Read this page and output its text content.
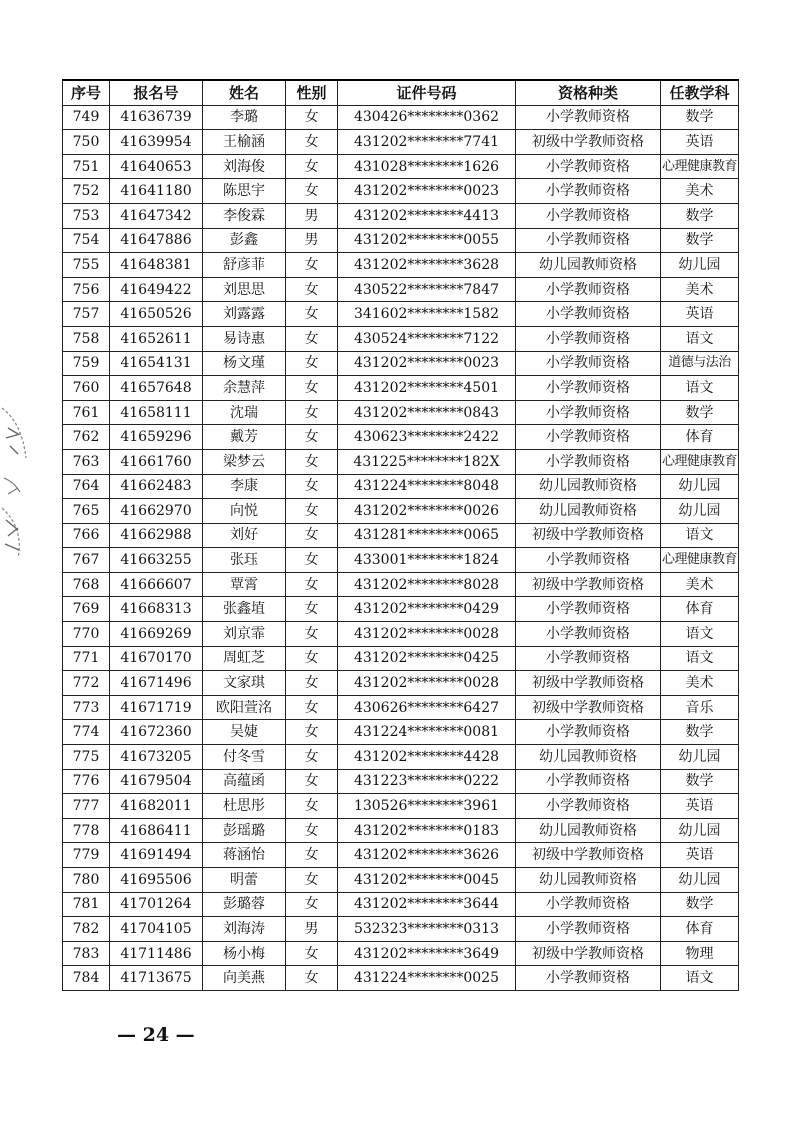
序号	报名号	姓名	性别	证件号码	资格种类	任教学科
749	41636739	李璐	女	430426********0362	小学教师资格	数学
750	41639954	王榆涵	女	431202********7741	初级中学教师资格	英语
751	41640653	刘海俊	女	431028********1626	小学教师资格	心理健康教育
752	41641180	陈思宇	女	431202********0023	小学教师资格	美术
753	41647342	李俊霖	男	431202********4413	小学教师资格	数学
754	41647886	彭鑫	男	431202********0055	小学教师资格	数学
755	41648381	舒彦菲	女	431202********3628	幼儿园教师资格	幼儿园
756	41649422	刘思思	女	430522********7847	小学教师资格	美术
757	41650526	刘露露	女	341602********1582	小学教师资格	英语
758	41652611	易诗惠	女	430524********7122	小学教师资格	语文
759	41654131	杨文瑾	女	431202********0023	小学教师资格	道德与法治
760	41657648	余慧萍	女	431202********4501	小学教师资格	语文
761	41658111	沈瑞	女	431202********0843	小学教师资格	数学
762	41659296	戴芳	女	430623********2422	小学教师资格	体育
763	41661760	梁梦云	女	431225********182X	小学教师资格	心理健康教育
764	41662483	李康	女	431224********8048	幼儿园教师资格	幼儿园
765	41662970	向悦	女	431202********0026	幼儿园教师资格	幼儿园
766	41662988	刘好	女	431281********0065	初级中学教师资格	语文
767	41663255	张珏	女	433001********1824	小学教师资格	心理健康教育
768	41666607	覃霄	女	431202********8028	初级中学教师资格	美术
769	41668313	张鑫埴	女	431202********0429	小学教师资格	体育
770	41669269	刘京霏	女	431202********0028	小学教师资格	语文
771	41670170	周虹芝	女	431202********0425	小学教师资格	语文
772	41671496	文家琪	女	431202********0028	初级中学教师资格	美术
773	41671719	欧阳萱洺	女	430626********6427	初级中学教师资格	音乐
774	41672360	吴婕	女	431224********0081	小学教师资格	数学
775	41673205	付冬雪	女	431202********4428	幼儿园教师资格	幼儿园
776	41679504	高蕴函	女	431223********0222	小学教师资格	数学
777	41682011	杜思彤	女	130526********3961	小学教师资格	英语
778	41686411	彭瑶璐	女	431202********0183	幼儿园教师资格	幼儿园
779	41691494	蒋涵怡	女	431202********3626	初级中学教师资格	英语
780	41695506	明蕾	女	431202********0045	幼儿园教师资格	幼儿园
781	41701264	彭璐蓉	女	431202********3644	小学教师资格	数学
782	41704105	刘海涛	男	532323********0313	小学教师资格	体育
783	41711486	杨小梅	女	431202********3649	初级中学教师资格	物理
784	41713675	向美燕	女	431224********0025	小学教师资格	语文
— 24 —
